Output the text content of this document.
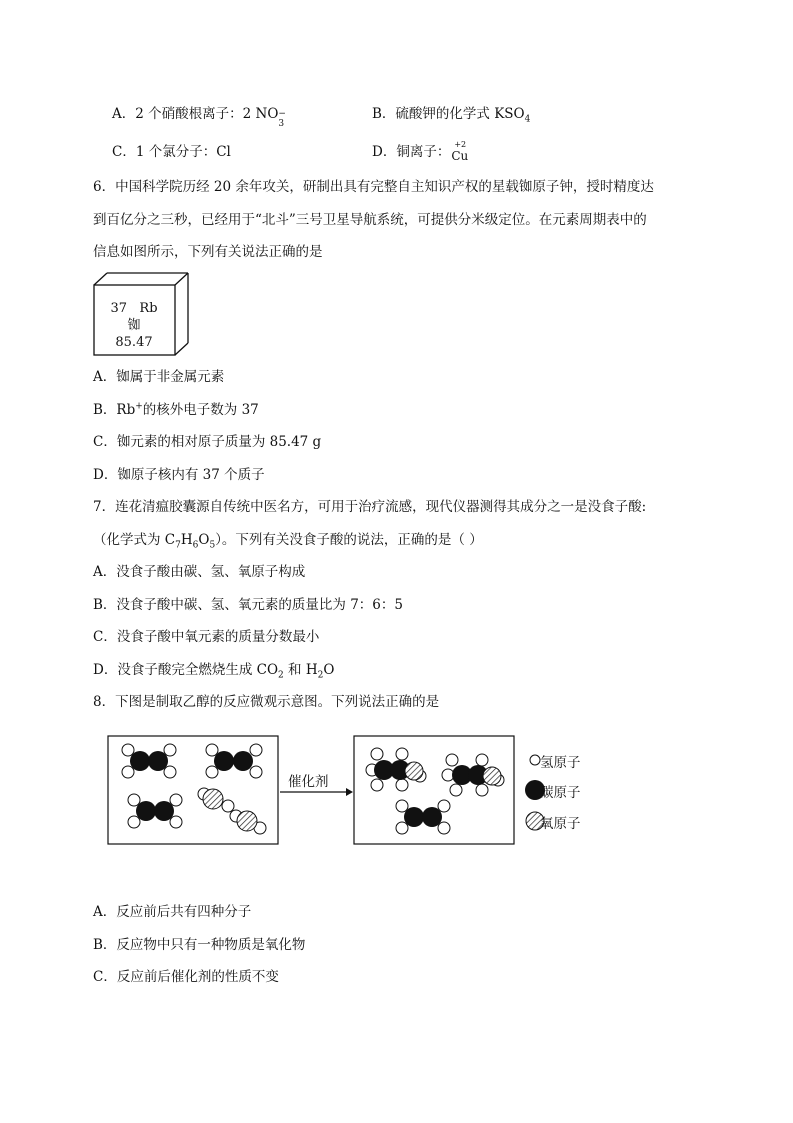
A．2 个硝酸根离子：2 NO −
3
B．硫酸钾的化学式 $KSO_4$
C．1 个氯分子：Cl	D．铜离子： +2
Cu
6．中国科学院历经 20 余年攻关，研制出具有完整自主知识产权的星载铷原子钟，授时精度达
到百亿分之三秒，已经用于“北斗”三号卫星导航系统，可提供分米级定位。在元素周期表中的
信息如图所示，下列有关说法正确的是
37 Rb
铷
85.47
A．铷属于非金属元素
B．Rb+的核外电子数为 37
C．铷元素的相对原子质量为 85.47 g
D．铷原子核内有 37 个质子
7．连花清瘟胶囊源自传统中医名方，可用于治疗流感，现代仪器测得其成分之一是没食子酸:
（化学式为 $C_7H_6O_5$）。下列有关没食子酸的说法，正确的是（ ）
A．没食子酸由碳、氢、氧原子构成
B．没食子酸中碳、氢、氧元素的质量比为 7：6：5
C．没食子酸中氧元素的质量分数最小
D．没食子酸完全燃烧生成 $CO_2$ 和 $H_2O$
8．下图是制取乙醇的反应微观示意图。下列说法正确的是
催化剂
氢原子
碳原子
氧原子
A．反应前后共有四种分子
B．反应物中只有一种物质是氧化物
C．反应前后催化剂的性质不变
